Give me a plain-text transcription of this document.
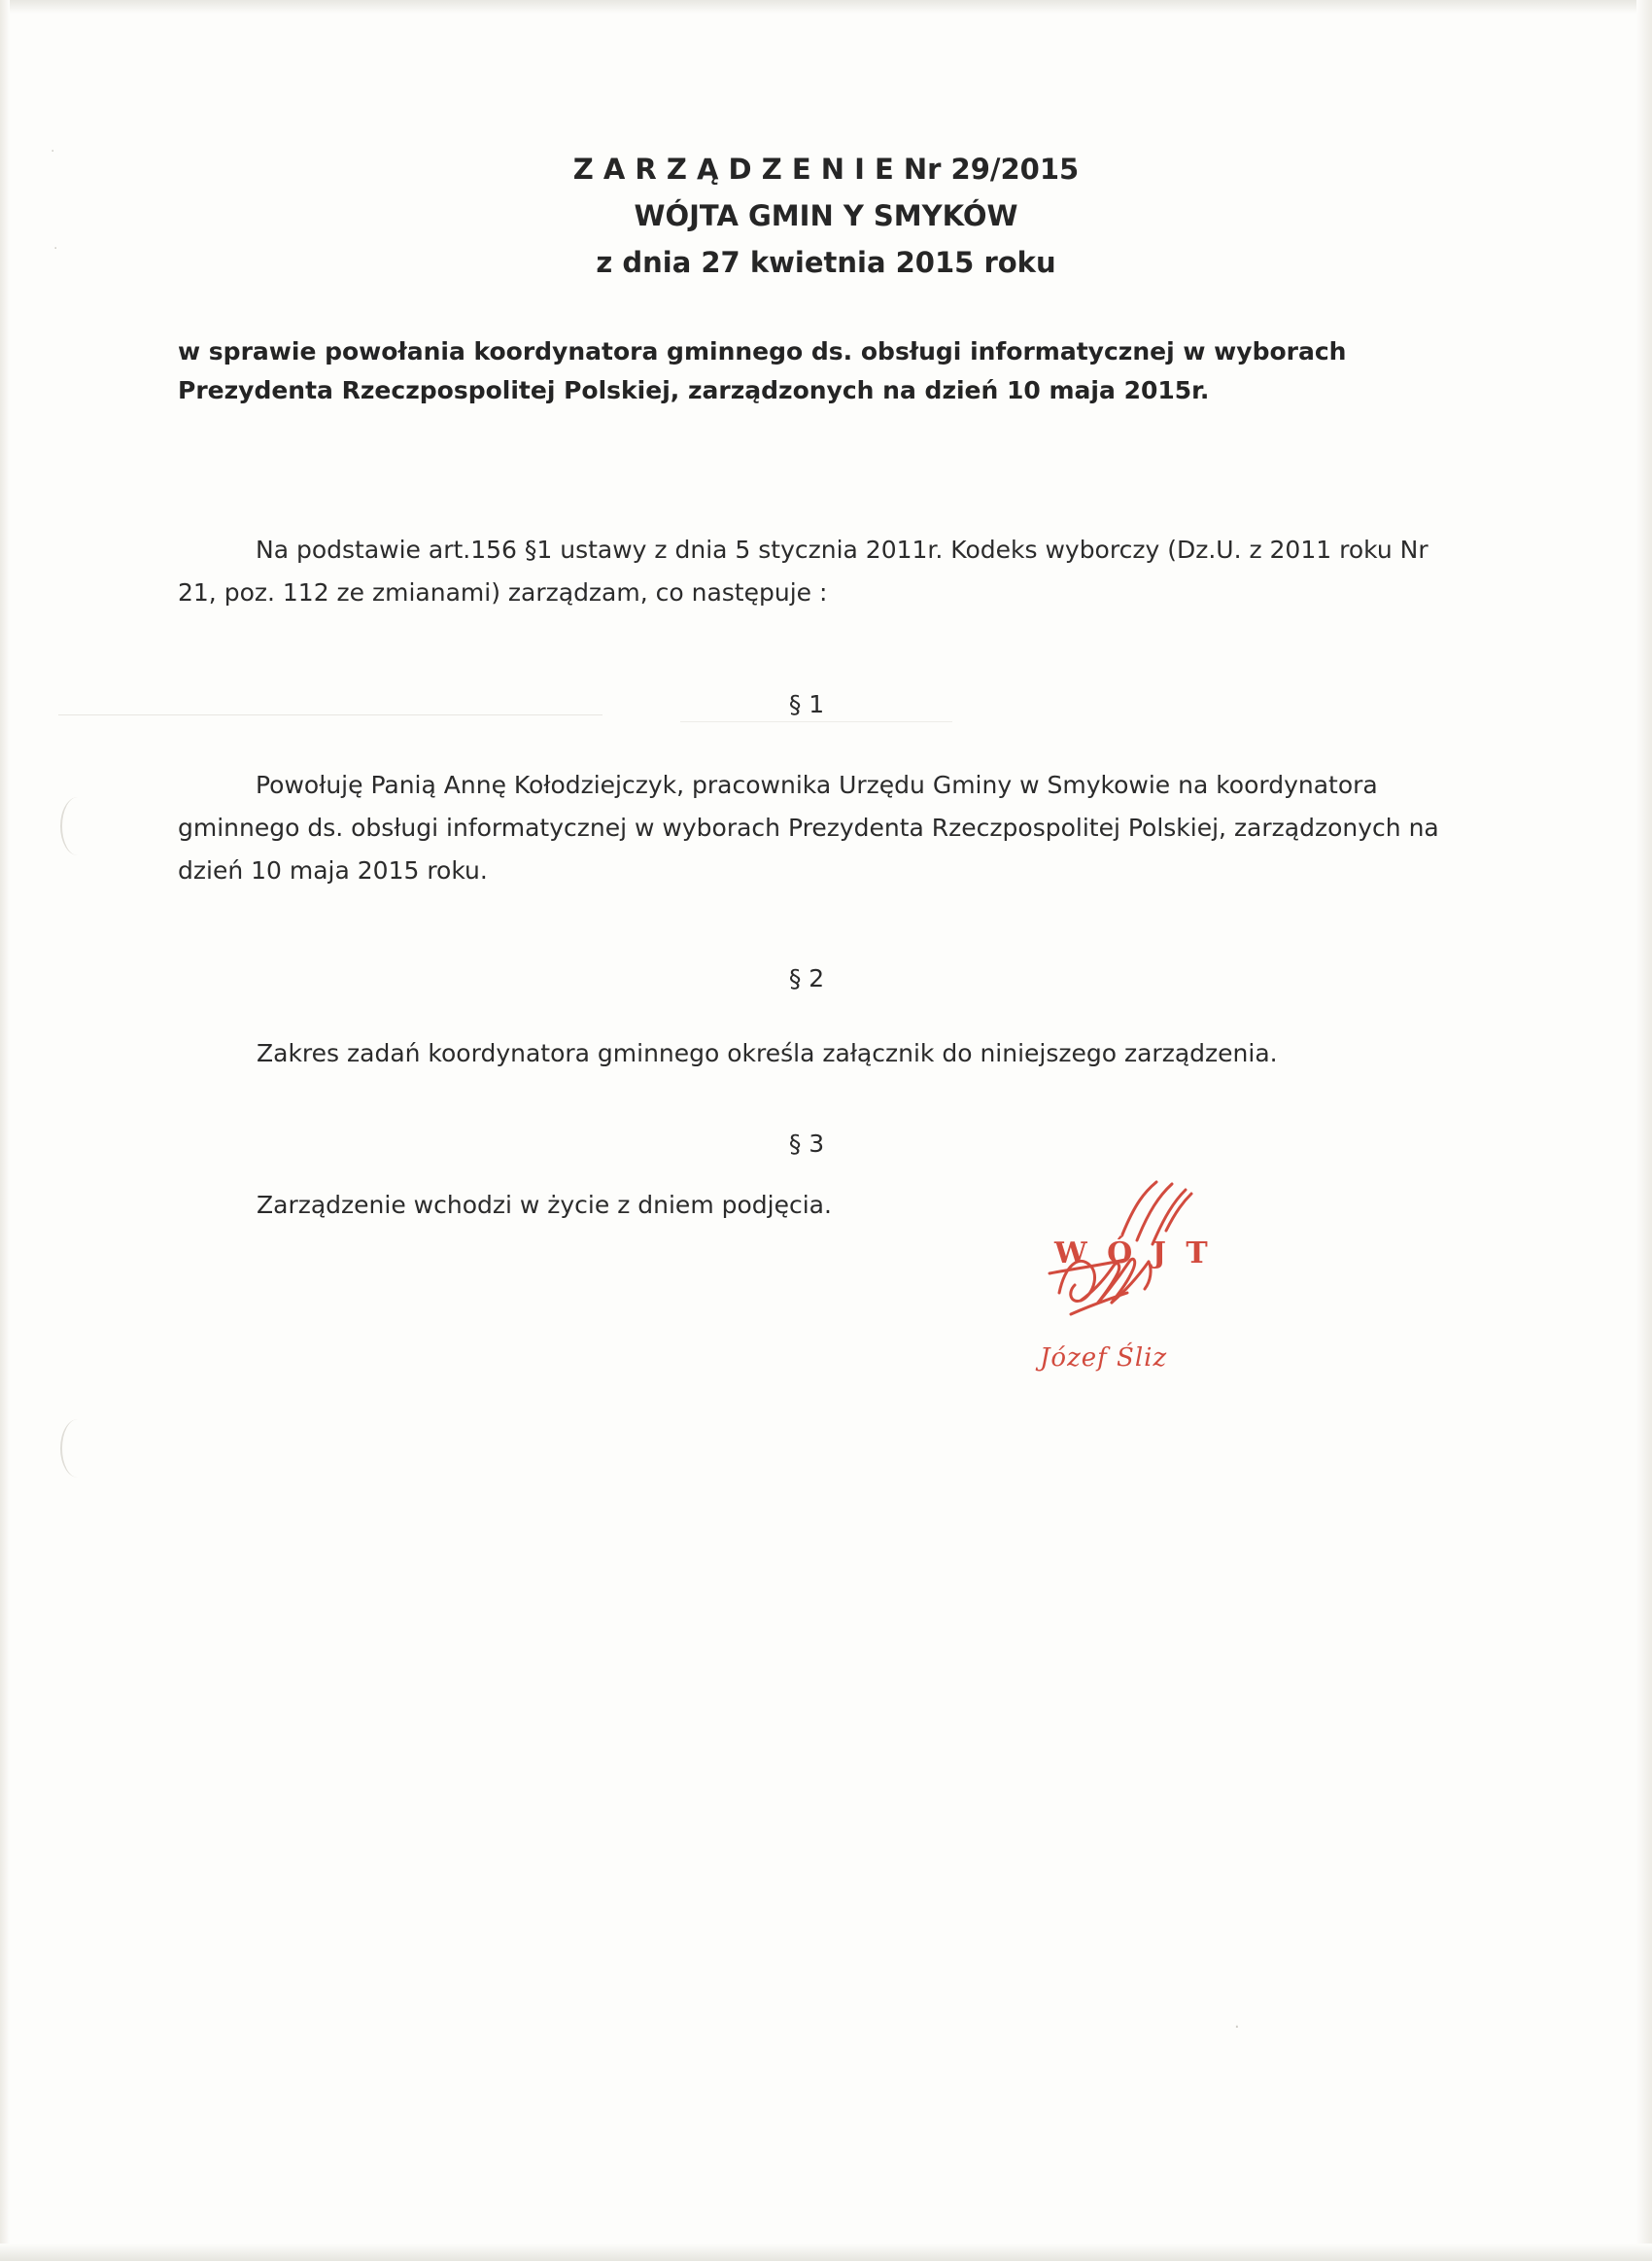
·
·
·
Z A R Z Ą D Z E N I E Nr 29/2015
WÓJTA GMIN Y SMYKÓW
z dnia 27 kwietnia 2015 roku
w sprawie powołania koordynatora gminnego ds. obsługi informatycznej w wyborach Prezydenta Rzeczpospolitej Polskiej, zarządzonych na dzień 10 maja 2015r.
Na podstawie art.156 §1 ustawy z dnia 5 stycznia 2011r. Kodeks wyborczy (Dz.U. z 2011 roku Nr 21, poz. 112 ze zmianami) zarządzam, co następuje :
§ 1
Powołuję Panią Annę Kołodziejczyk, pracownika Urzędu Gminy w Smykowie na koordynatora gminnego ds. obsługi informatycznej w wyborach Prezydenta Rzeczpospolitej Polskiej, zarządzonych na dzień 10 maja 2015 roku.
§ 2
Zakres zadań koordynatora gminnego określa załącznik do niniejszego zarządzenia.
§ 3
Zarządzenie wchodzi w życie z dniem podjęcia.
W Ó J T
Józef Śliz
